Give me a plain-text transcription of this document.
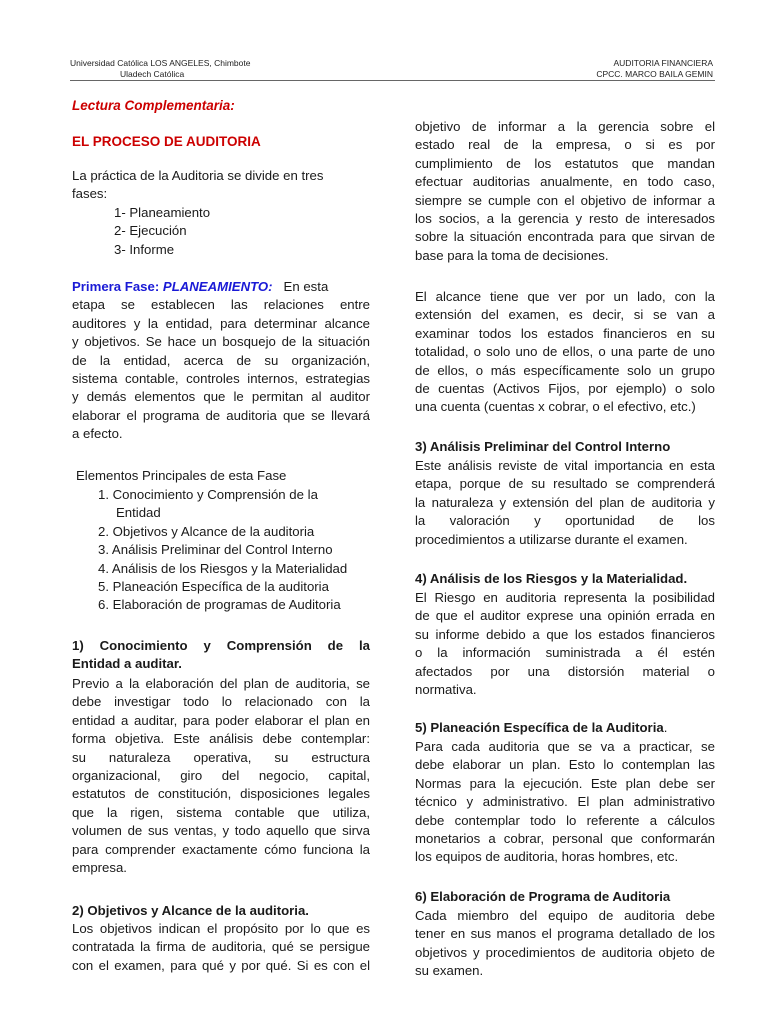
Universidad Católica LOS ANGELES, Chimbote
Uladech Católica
AUDITORIA FINANCIERA
CPCC. MARCO BAILA GEMIN
Lectura Complementaria:
EL PROCESO DE AUDITORIA
La práctica de la Auditoria se divide en tres
fases:
1- Planeamiento
2- Ejecución
3- Informe
Primera Fase: PLANEAMIENTO:   En esta
etapa se establecen las relaciones entre
auditores y la entidad, para determinar alcance
y objetivos. Se hace un bosquejo de la situación
de la entidad, acerca de su organización,
sistema contable, controles internos, estrategias
y demás elementos que le permitan al auditor
elaborar el programa de auditoria que se llevará
a efecto.
Elementos Principales de esta Fase
1. Conocimiento y Comprensión de la
Entidad
2. Objetivos y Alcance de la auditoria
3. Análisis Preliminar del Control Interno
4. Análisis de los Riesgos y la Materialidad
5. Planeación Específica de la auditoria
6. Elaboración de programas de Auditoria
1) Conocimiento y Comprensión de la
Entidad a auditar.
Previo a la elaboración del plan de auditoria, se
debe investigar todo lo relacionado con la
entidad a auditar, para poder elaborar el plan en
forma objetiva. Este análisis debe contemplar:
su naturaleza operativa, su estructura
organizacional, giro del negocio, capital,
estatutos de constitución, disposiciones legales
que la rigen, sistema contable que utiliza,
volumen de sus ventas, y todo aquello que sirva
para comprender exactamente cómo funciona la
empresa.
2) Objetivos y Alcance de la auditoria.
Los objetivos indican el propósito por lo que es
contratada la firma de auditoria, qué se persigue
con el examen, para qué y por qué. Si es con el
objetivo de informar a la gerencia sobre el
estado real de la empresa, o si es por
cumplimiento de los estatutos que mandan
efectuar auditorias anualmente, en todo caso,
siempre se cumple con el objetivo de informar a
los socios, a la gerencia y resto de interesados
sobre la situación encontrada para que sirvan de
base para la toma de decisiones.
El alcance tiene que ver por un lado, con la
extensión del examen, es decir, si se van a
examinar todos los estados financieros en su
totalidad, o solo uno de ellos, o una parte de uno
de ellos, o más específicamente solo un grupo
de cuentas (Activos Fijos, por ejemplo) o solo
una cuenta (cuentas x cobrar, o el efectivo, etc.)
3) Análisis Preliminar del Control Interno
Este análisis reviste de vital importancia en esta
etapa, porque de su resultado se comprenderá
la naturaleza y extensión del plan de auditoria y
la valoración y oportunidad de los
procedimientos a utilizarse durante el examen.
4) Análisis de los Riesgos y la Materialidad.
El Riesgo en auditoria representa la posibilidad
de que el auditor exprese una opinión errada en
su informe debido a que los estados financieros
o la información suministrada a él estén
afectados por una distorsión material o
normativa.
5) Planeación Específica de la Auditoria.
Para cada auditoria que se va a practicar, se
debe elaborar un plan. Esto lo contemplan las
Normas para la ejecución. Este plan debe ser
técnico y administrativo. El plan administrativo
debe contemplar todo lo referente a cálculos
monetarios a cobrar, personal que conformarán
los equipos de auditoria, horas hombres, etc.
6) Elaboración de Programa de Auditoria
Cada miembro del equipo de auditoria debe
tener en sus manos el programa detallado de los
objetivos y procedimientos de auditoria objeto de
su examen.
